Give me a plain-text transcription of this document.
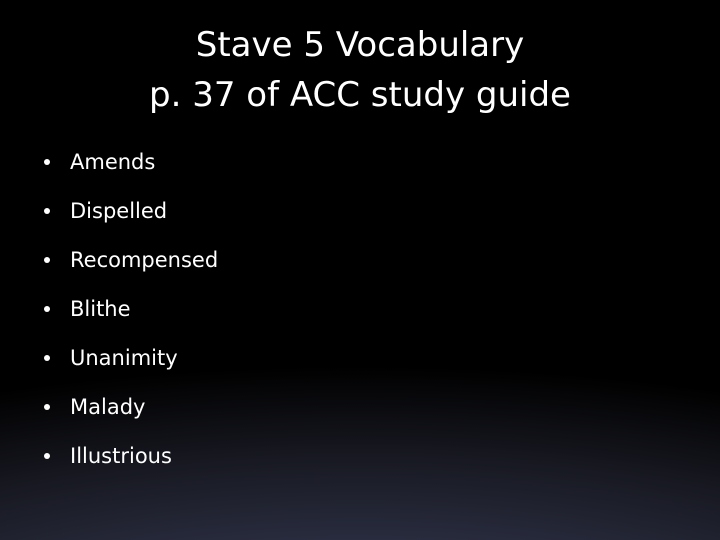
Stave 5 Vocabulary
p. 37 of ACC study guide
Amends
Dispelled
Recompensed
Blithe
Unanimity
Malady
Illustrious
